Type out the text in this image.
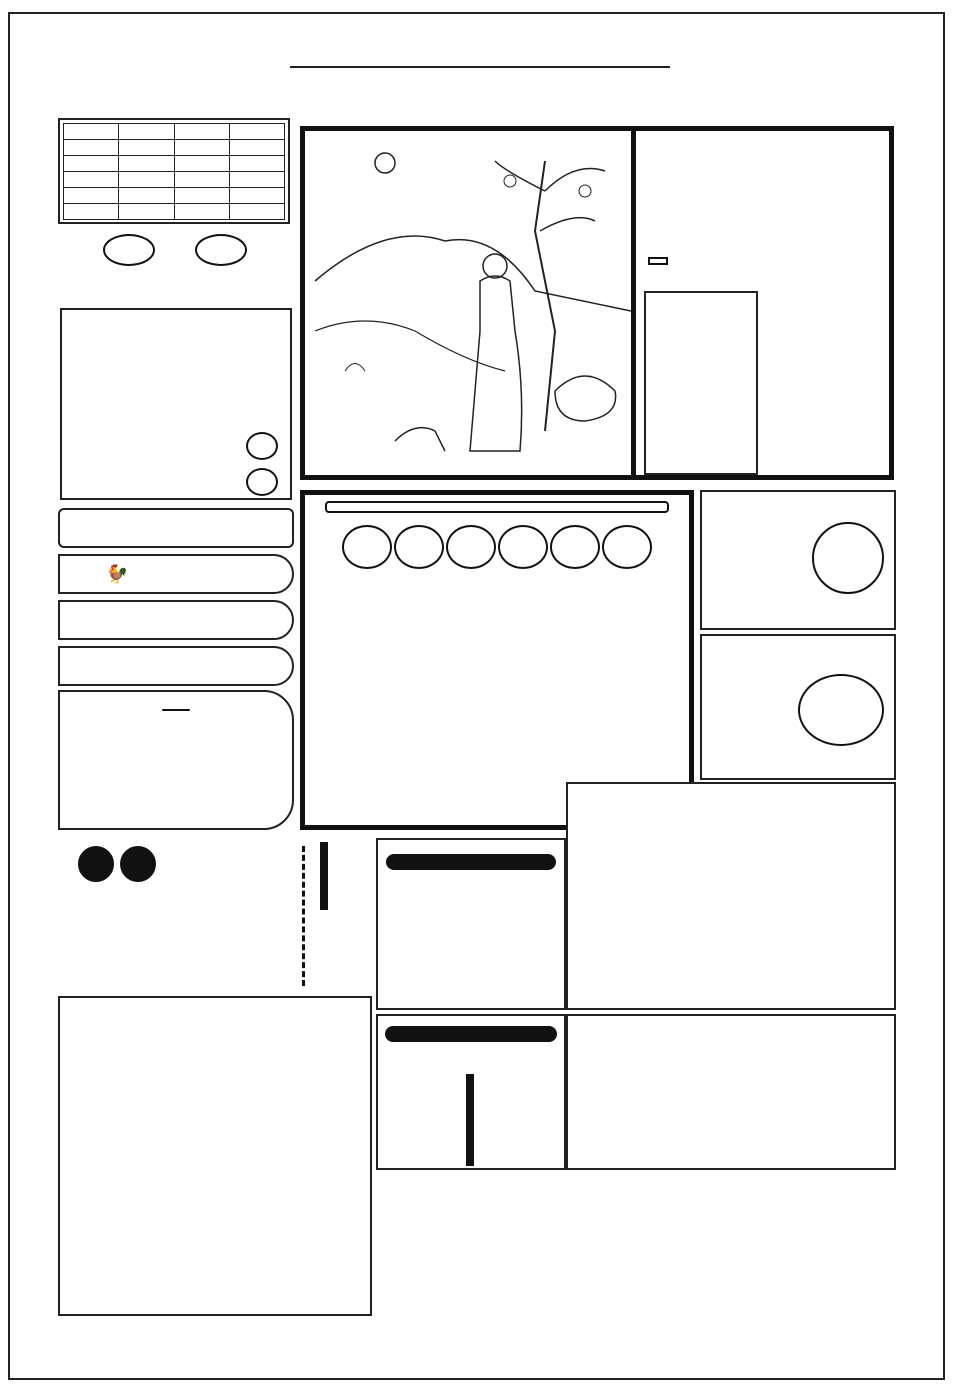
🐓
